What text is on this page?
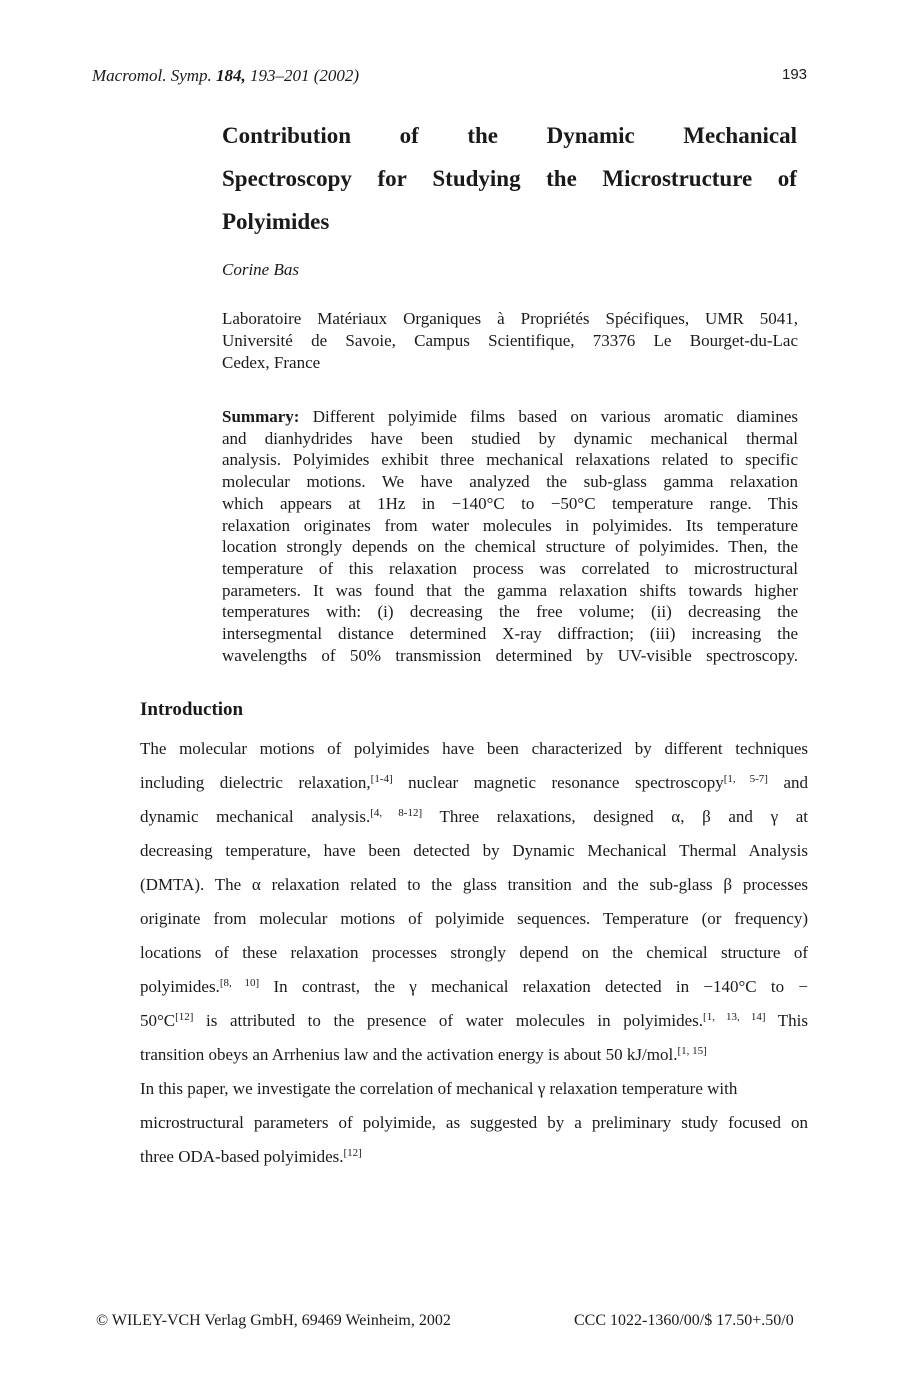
Macromol. Symp. 184, 193–201 (2002)	193
Contribution of the Dynamic Mechanical
Spectroscopy for Studying the Microstructure of
Polyimides
Corine Bas
Laboratoire Matériaux Organiques à Propriétés Spécifiques, UMR 5041,
Université de Savoie, Campus Scientifique, 73376 Le Bourget-du-Lac
Cedex, France
Summary: Different polyimide films based on various aromatic diamines
and dianhydrides have been studied by dynamic mechanical thermal
analysis. Polyimides exhibit three mechanical relaxations related to specific
molecular motions. We have analyzed the sub-glass gamma relaxation
which appears at 1Hz in −140°C to −50°C temperature range. This
relaxation originates from water molecules in polyimides. Its temperature
location strongly depends on the chemical structure of polyimides. Then, the
temperature of this relaxation process was correlated to microstructural
parameters. It was found that the gamma relaxation shifts towards higher
temperatures with: (i) decreasing the free volume; (ii) decreasing the
intersegmental distance determined X-ray diffraction; (iii) increasing the
wavelengths of 50% transmission determined by UV-visible spectroscopy.
Introduction
The molecular motions of polyimides have been characterized by different techniques
including dielectric relaxation,[1-4] nuclear magnetic resonance spectroscopy[1, 5-7] and
dynamic mechanical analysis.[4, 8-12] Three relaxations, designed α, β and γ at
decreasing temperature, have been detected by Dynamic Mechanical Thermal Analysis
(DMTA). The α relaxation related to the glass transition and the sub-glass β processes
originate from molecular motions of polyimide sequences. Temperature (or frequency)
locations of these relaxation processes strongly depend on the chemical structure of
polyimides.[8, 10] In contrast, the γ mechanical relaxation detected in −140°C to −
50°C[12] is attributed to the presence of water molecules in polyimides.[1, 13, 14] This
transition obeys an Arrhenius law and the activation energy is about 50 kJ/mol.[1, 15]
In this paper, we investigate the correlation of mechanical γ relaxation temperature with
microstructural parameters of polyimide, as suggested by a preliminary study focused on
three ODA-based polyimides.[12]
© WILEY-VCH Verlag GmbH, 69469 Weinheim, 2002	CCC 1022-1360/00/$ 17.50+.50/0
